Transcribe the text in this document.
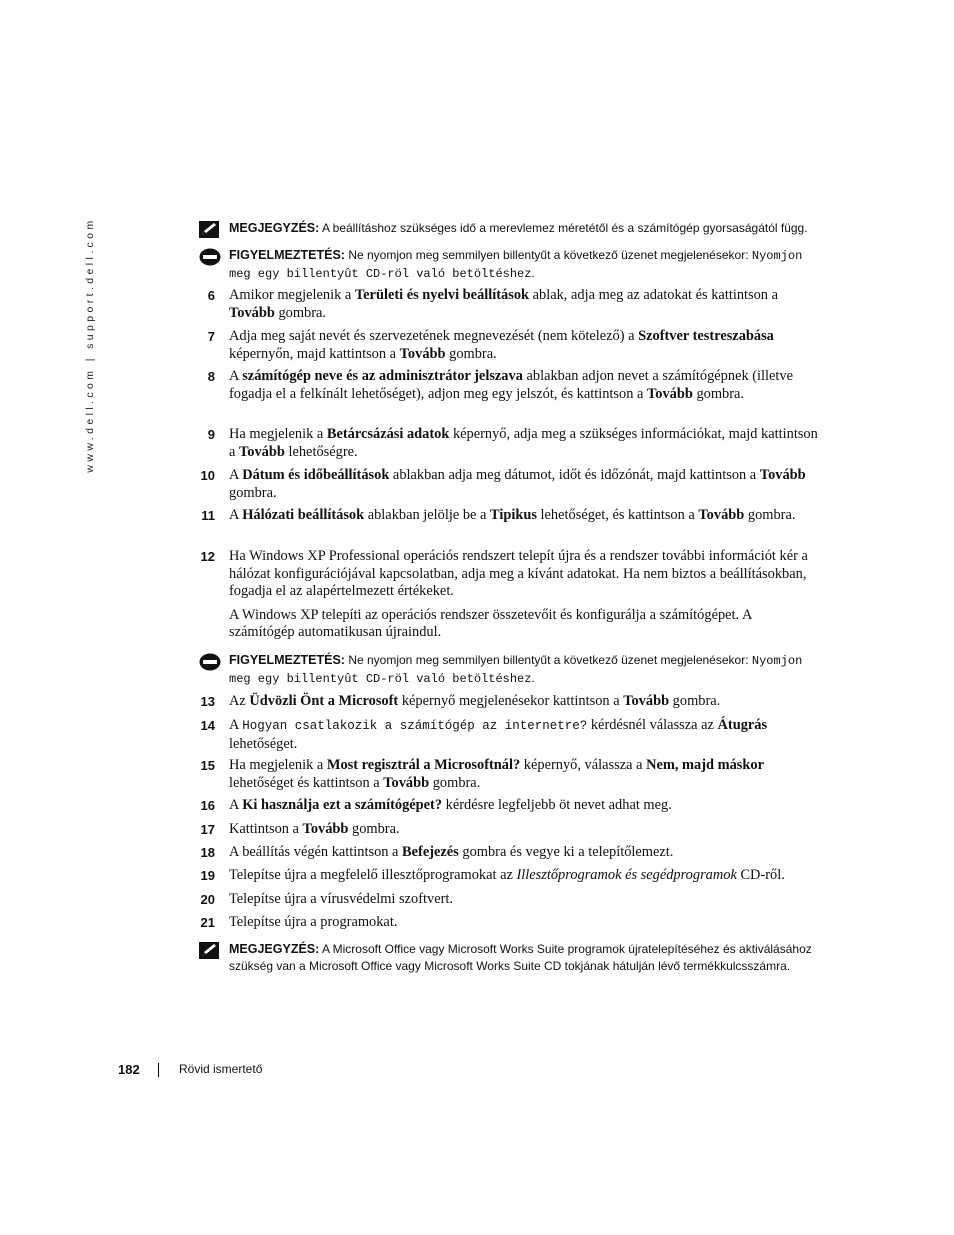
www.dell.com | support.dell.com	MEGJEGYZÉS: A beállításhoz szükséges idő a merevlemez méretétől és a számítógép gyorsaságától függ.
FIGYELMEZTETÉS: Ne nyomjon meg semmilyen billentyűt a következő üzenet megjelenésekor: Nyomjon
meg egy billentyût CD-röl való betöltéshez.
6 Amikor megjelenik a Területi és nyelvi beállítások ablak, adja meg az adatokat és kattintson a Tovább gombra.
7 Adja meg saját nevét és szervezetének megnevezését (nem kötelező) a Szoftver testreszabása képernyőn, majd kattintson a Tovább gombra.
8 A számítógép neve és az adminisztrátor jelszava ablakban adjon nevet a számítógépnek (illetve fogadja el a felkínált lehetőséget), adjon meg egy jelszót, és kattintson a Tovább gombra.
9 Ha megjelenik a Betárcsázási adatok képernyő, adja meg a szükséges információkat, majd kattintson a Tovább lehetőségre.
10 A Dátum és időbeállítások ablakban adja meg dátumot, időt és időzónát, majd kattintson a Tovább gombra.
11 A Hálózati beállítások ablakban jelölje be a Tipikus lehetőséget, és kattintson a Tovább gombra.
12 Ha Windows XP Professional operációs rendszert telepít újra és a rendszer további információt kér a hálózat konfigurációjával kapcsolatban, adja meg a kívánt adatokat. Ha nem biztos a beállításokban, fogadja el az alapértelmezett értékeket.

A Windows XP telepíti az operációs rendszer összetevőit és konfigurálja a számítógépet. A számítógép automatikusan újraindul.

FIGYELMEZTETÉS: Ne nyomjon meg semmilyen billentyűt a következő üzenet megjelenésekor: Nyomjon
meg egy billentyût CD-röl való betöltéshez.
13 Az Üdvözli Önt a Microsoft képernyő megjelenésekor kattintson a Tovább gombra.
14 A Hogyan csatlakozik a számítógép az internetre? kérdésnél válassza az Átugrás lehetőséget.
15 Ha megjelenik a Most regisztrál a Microsoftnál? képernyő, válassza a Nem, majd máskor lehetőséget és kattintson a Tovább gombra.
16 A Ki használja ezt a számítógépet? kérdésre legfeljebb öt nevet adhat meg.
17 Kattintson a Tovább gombra.
18 A beállítás végén kattintson a Befejezés gombra és vegye ki a telepítőlemezt.
19 Telepítse újra a megfelelő illesztőprogramokat az Illesztőprogramok és segédprogramok CD-ről.
20 Telepítse újra a vírusvédelmi szoftvert.
21 Telepítse újra a programokat.
MEGJEGYZÉS: A Microsoft Office vagy Microsoft Works Suite programok újratelepítéséhez és aktiválásához szükség van a Microsoft Office vagy Microsoft Works Suite CD tokjának hátulján lévő termékkulcsszámra.
182	Rövid ismertető
